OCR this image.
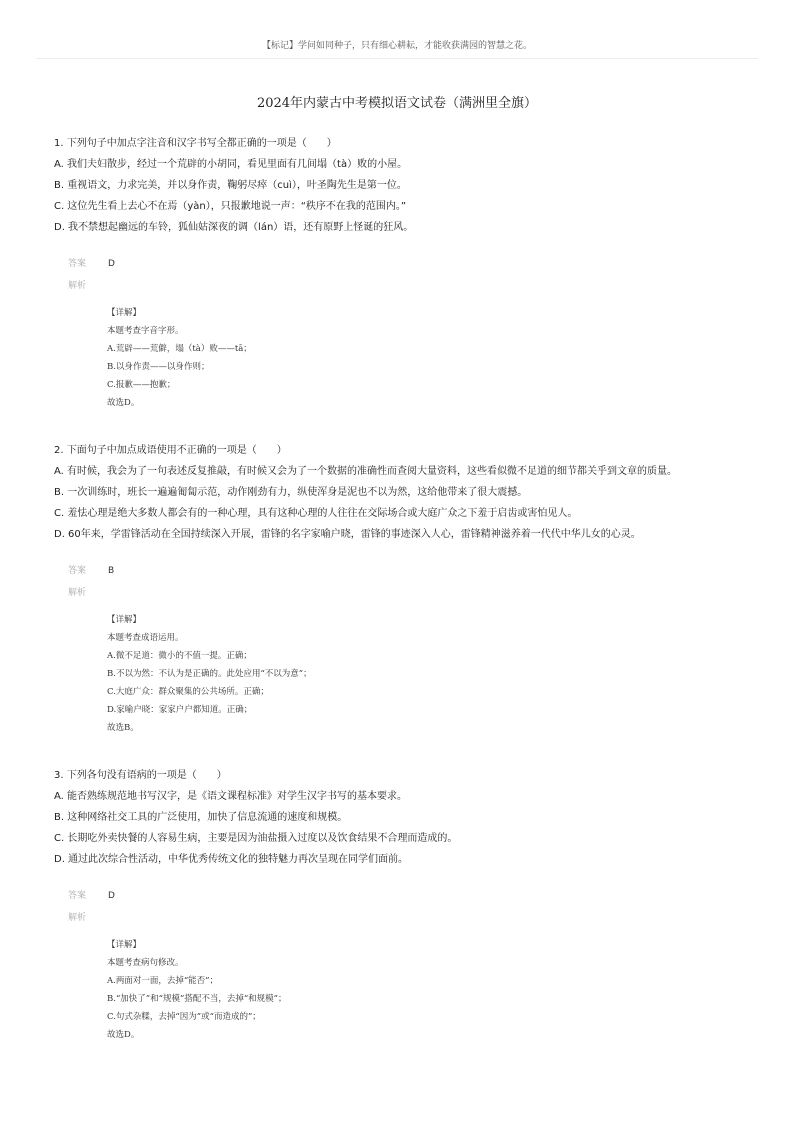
【标记】学问如同种子，只有细心耕耘，才能收获满园的智慧之花。
2024年内蒙古中考模拟语文试卷（满洲里全旗）
1. 下列句子中加点字注音和汉字书写全都正确的一项是（　　）
A. 我们夫妇散步，经过一个荒辟的小胡同，看见里面有几间塌（tà）败的小屋。
B. 重视语文，力求完美，并以身作责，鞠躬尽瘁（cuì），叶圣陶先生是第一位。
C. 这位先生看上去心不在焉（yàn），只报歉地说一声：“秩序不在我的范围内。”
D. 我不禁想起幽远的车铃，狐仙姑深夜的调（lán）语，还有原野上怪诞的狂风。
答案	D
解析
【详解】
本题考查字音字形。
A.荒辟——荒僻，塌（tà）败——tā；
B.以身作责——以身作则；
C.报歉——抱歉；
故选D。
2. 下面句子中加点成语使用不正确的一项是（　　）
A. 有时候，我会为了一句表述反复推敲，有时候又会为了一个数据的准确性而查阅大量资料，这些看似微不足道的细节都关乎到文章的质量。
B. 一次训练时，班长一遍遍匍匐示范，动作刚劲有力，纵使浑身是泥也不以为然，这给他带来了很大震撼。
C. 羞怯心理是绝大多数人都会有的一种心理，具有这种心理的人往往在交际场合或大庭广众之下羞于启齿或害怕见人。
D. 60年来，学雷锋活动在全国持续深入开展，雷锋的名字家喻户晓，雷锋的事迹深入人心，雷锋精神滋养着一代代中华儿女的心灵。
答案	B
解析
【详解】
本题考查成语运用。
A.微不足道：微小的不值一提。正确；
B.不以为然：不认为是正确的。此处应用“不以为意”；
C.大庭广众：群众聚集的公共场所。正确；
D.家喻户晓：家家户户都知道。正确；
故选B。
3. 下列各句没有语病的一项是（　　）
A. 能否熟练规范地书写汉字，是《语文课程标准》对学生汉字书写的基本要求。
B. 这种网络社交工具的广泛使用，加快了信息流通的速度和规模。
C. 长期吃外卖快餐的人容易生病，主要是因为油盐摄入过度以及饮食结果不合理而造成的。
D. 通过此次综合性活动，中华优秀传统文化的独特魅力再次呈现在同学们面前。
答案	D
解析
【详解】
本题考查病句修改。
A.两面对一面，去掉“能否”；
B.“加快了”和“规模”搭配不当，去掉“和规模”；
C.句式杂糅，去掉“因为”或“而造成的”；
故选D。
